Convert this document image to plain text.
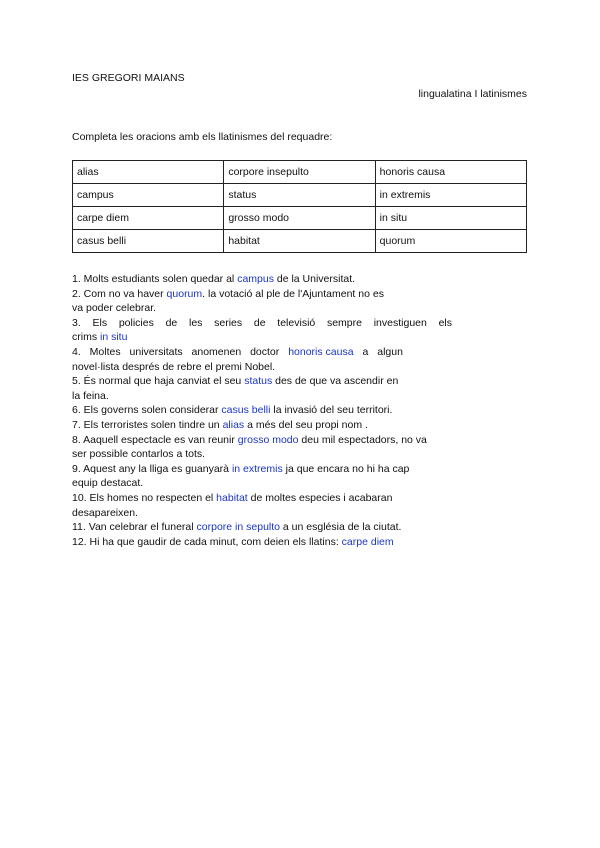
IES GREGORI MAIANS
lingualatina I latinismes
Completa les oracions amb els llatinismes del requadre:
alias	corpore insepulto	honoris causa
campus	status	in extremis
carpe diem	grosso modo	in situ
casus belli	habitat	quorum
1. Molts estudiants solen quedar al campus de la Universitat.
2. Com no va haver quorum. la votació al ple de l'Ajuntament no es
va poder celebrar.
3. Els policies de les series de televisió sempre investiguen els
crims in situ
4. Moltes universitats anomenen doctor honoris causa a algun
novel·lista després de rebre el premi Nobel.
5. És normal que haja canviat el seu status des de que va ascendir en
la feina.
6. Els governs solen considerar casus belli la invasió del seu territori.
7. Els terroristes solen tindre un alias a més del seu propi nom .
8. Aaquell espectacle es van reunir grosso modo deu mil espectadors, no va
ser possible contarlos a tots.
9. Aquest any la lliga es guanyarà in extremis ja que encara no hi ha cap
equip destacat.
10. Els homes no respecten el habitat de moltes especies i acabaran
desapareixen.
11. Van celebrar el funeral corpore in sepulto a un església de la ciutat.
12. Hi ha que gaudir de cada minut, com deien els llatins: carpe diem
